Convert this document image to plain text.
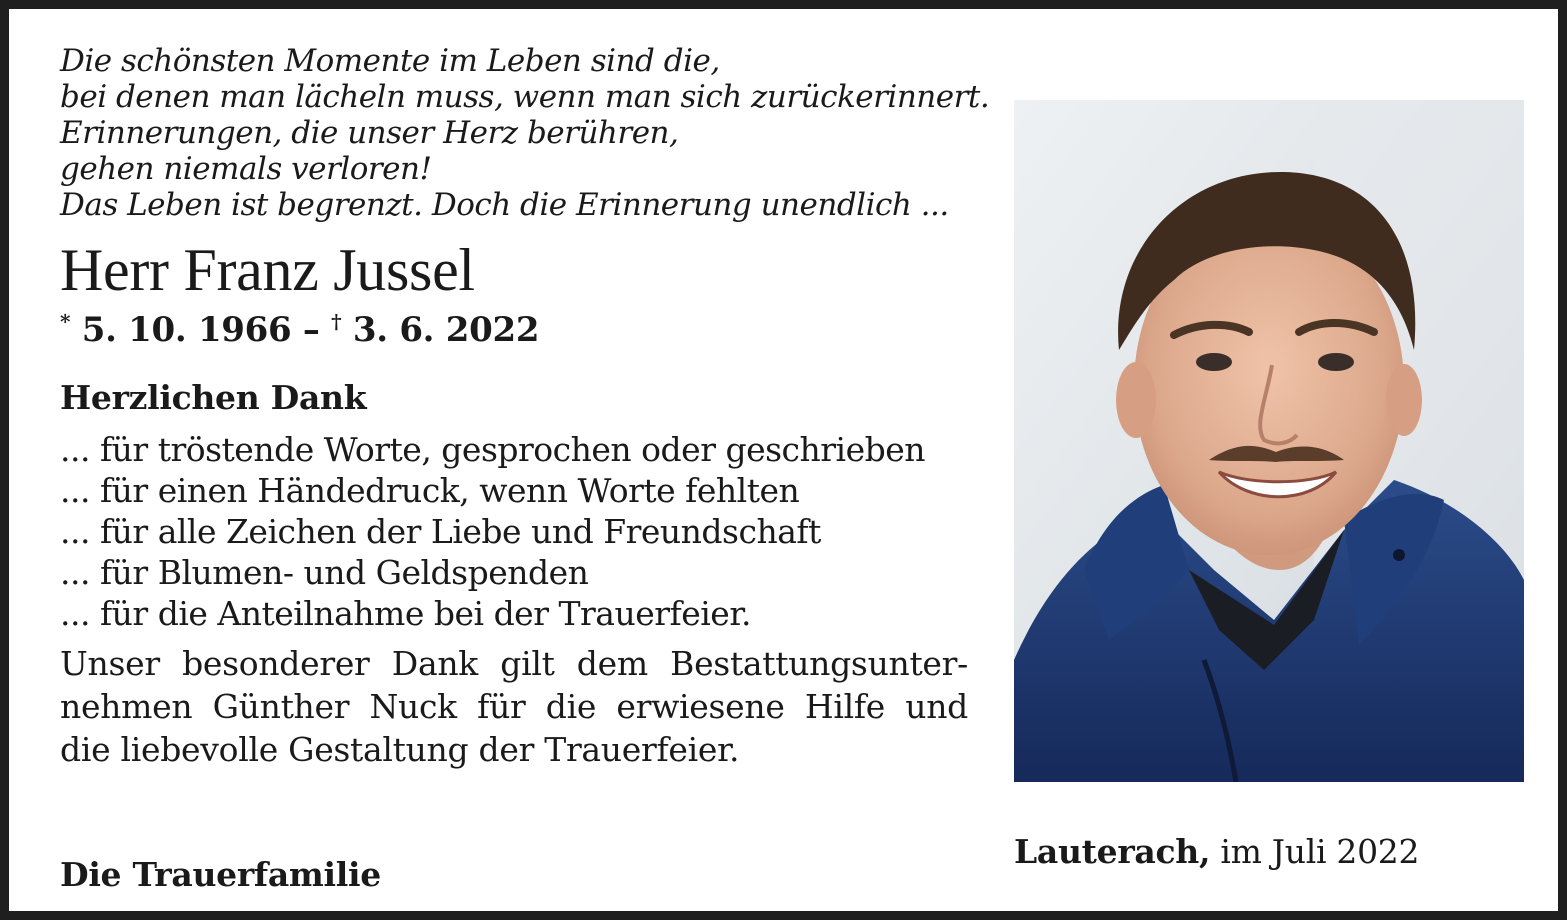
Die schönsten Momente im Leben sind die,
bei denen man lächeln muss, wenn man sich zurückerinnert.
Erinnerungen, die unser Herz berühren,
gehen niemals verloren!
Das Leben ist begrenzt. Doch die Erinnerung unendlich ...
Herr Franz Jussel
* 5. 10. 1966 – † 3. 6. 2022
Herzlichen Dank
... für tröstende Worte, gesprochen oder geschrieben
... für einen Händedruck, wenn Worte fehlten
... für alle Zeichen der Liebe und Freundschaft
... für Blumen- und Geldspenden
... für die Anteilnahme bei der Trauerfeier.
Unser besonderer Dank gilt dem Bestattungsunter-
nehmen Günther Nuck für die erwiesene Hilfe und
die liebevolle Gestaltung der Trauerfeier.
Die Trauerfamilie
Lauterach, im Juli 2022
